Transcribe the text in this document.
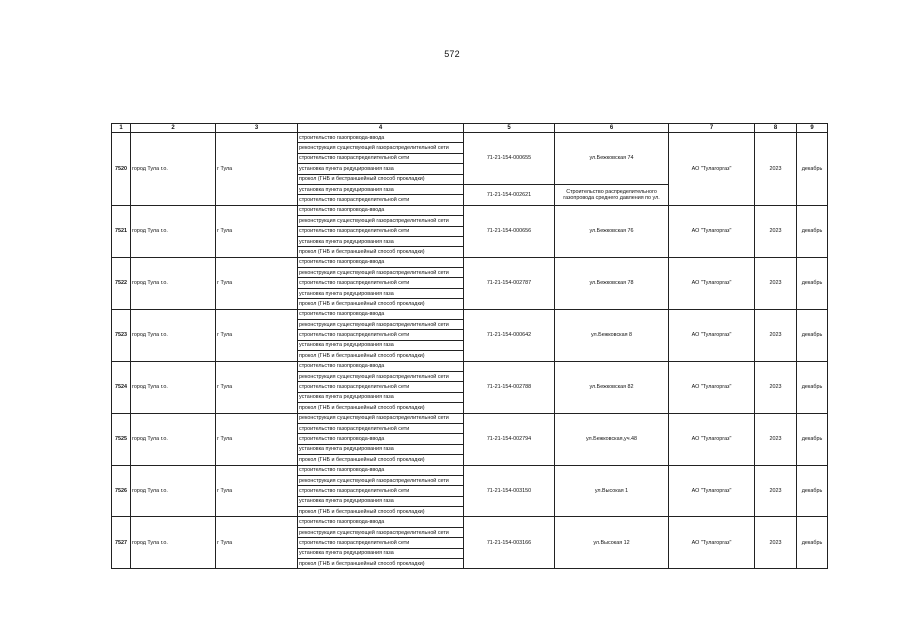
572
1	2	3	4	5	6	7	8	9
7520	город Тула г.о.	г Тула	строительство газопровода-ввода	71-21-154-000655	ул.Бежковская 74	АО "Тулагоргаз"	2023	декабрь
			реконструкция существующей газораспределительной сети					

			строительство газораспределительной сети					
			установка пункта редуцирования газа					
			прокол (ГНБ и бестраншейный способ прокладки)					
			установка пункта редуцирования газа	71-21-154-002621	Строительство распределительного газопровода среднего давления по ул.			
			строительство газораспределительной сети					
7521	город Тула г.о.	г Тула	строительство газопровода-ввода	71-21-154-000656	ул.Бежковская 76	АО "Тулагоргаз"	2023	декабрь
			реконструкция существующей газораспределительной сети					

			строительство газораспределительной сети					
			установка пункта редуцирования газа					
			прокол (ГНБ и бестраншейный способ прокладки)					
7522	город Тула г.о.	г Тула	строительство газопровода-ввода	71-21-154-002787	ул.Бежковская 78	АО "Тулагоргаз"	2023	декабрь
			реконструкция существующей газораспределительной сети					

			строительство газораспределительной сети					
			установка пункта редуцирования газа					
			прокол (ГНБ и бестраншейный способ прокладки)					
7523	город Тула г.о.	г Тула	строительство газопровода-ввода	71-21-154-000642	ул.Бежковская 8	АО "Тулагоргаз"	2023	декабрь
			реконструкция существующей газораспределительной сети					

			строительство газораспределительной сети					
			установка пункта редуцирования газа					
			прокол (ГНБ и бестраншейный способ прокладки)					
7524	город Тула г.о.	г Тула	строительство газопровода-ввода	71-21-154-002788	ул.Бежковская 82	АО "Тулагоргаз"	2023	декабрь
			реконструкция существующей газораспределительной сети					

			строительство газораспределительной сети					
			установка пункта редуцирования газа					
			прокол (ГНБ и бестраншейный способ прокладки)					
7525	город Тула г.о.	г Тула	реконструкция существующей газораспределительной сети	71-21-154-002794	ул.Бежковская,уч.48	АО "Тулагоргаз"	2023	декабрь

			строительство газораспределительной сети					
			строительство газопровода-ввода					
			установка пункта редуцирования газа					
			прокол (ГНБ и бестраншейный способ прокладки)					
7526	город Тула г.о.	г Тула	строительство газопровода-ввода	71-21-154-003150	ул.Высокая 1	АО "Тулагоргаз"	2023	декабрь
			реконструкция существующей газораспределительной сети					

			строительство газораспределительной сети					
			установка пункта редуцирования газа					
			прокол (ГНБ и бестраншейный способ прокладки)					
7527	город Тула г.о.	г Тула	строительство газопровода-ввода	71-21-154-003166	ул.Высокая 12	АО "Тулагоргаз"	2023	декабрь
			реконструкция существующей газораспределительной сети					

			строительство газораспределительной сети					
			установка пункта редуцирования газа					
			прокол (ГНБ и бестраншейный способ прокладки)					
